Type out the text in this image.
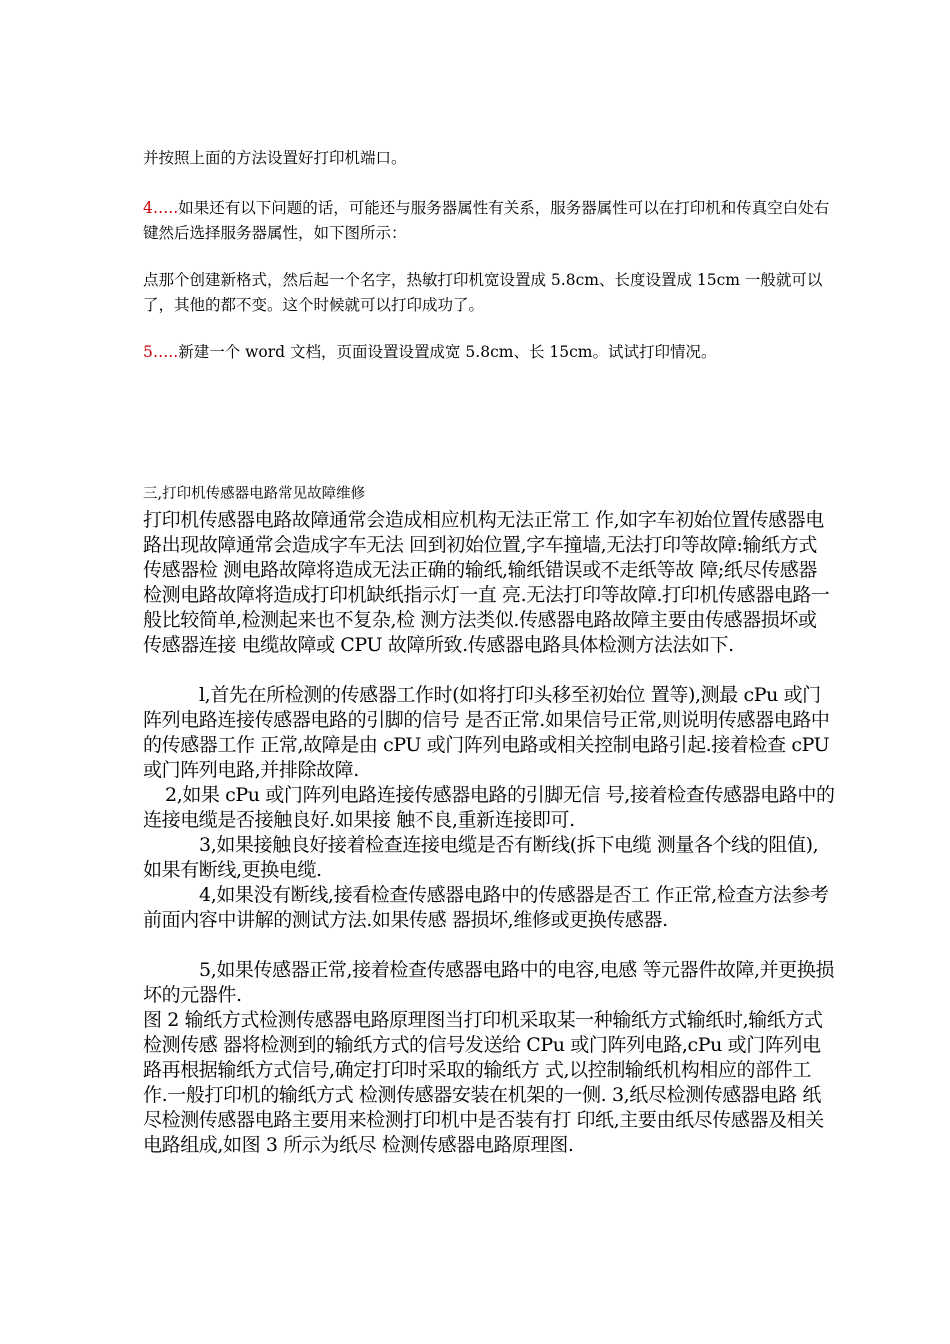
并按照上面的方法设置好打印机端口。

4…..如果还有以下问题的话，可能还与服务器属性有关系，服务器属性可以在打印机和传真空白处右键然后选择服务器属性，如下图所示：

点那个创建新格式，然后起一个名字，热敏打印机宽设置成 5.8cm、长度设置成 15cm 一般就可以了，其他的都不变。这个时候就可以打印成功了。

5…..新建一个 word 文档，页面设置设置成宽 5.8cm、长 15cm。试试打印情况。

三,打印机传感器电路常见故障维修

打印机传感器电路故障通常会造成相应机构无法正常工 作,如字车初始位置传感器电路出现故障通常会造成字车无法 回到初始位置,字车撞墙,无法打印等故障:输纸方式传感器检 测电路故障将造成无法正确的输纸,输纸错误或不走纸等故 障;纸尽传感器检测电路故障将造成打印机缺纸指示灯一直 亮.无法打印等故障.打印机传感器电路一般比较简单,检测起来也不复杂,检 测方法类似.传感器电路故障主要由传感器损坏或传感器连接 电缆故障或 CPU 故障所致.传感器电路具体检测方法法如下.

l,首先在所检测的传感器工作时(如将打印头移至初始位 置等),测最 cPu 或门阵列电路连接传感器电路的引脚的信号 是否正常.如果信号正常,则说明传感器电路中的传感器工作 正常,故障是由 cPU 或门阵列电路或相关控制电路引起.接着检查 cPU 或门阵列电路,并排除故障.

2,如果 cPu 或门阵列电路连接传感器电路的引脚无信 号,接着检查传感器电路中的连接电缆是否接触良好.如果接 触不良,重新连接即可.

3,如果接触良好接着检查连接电缆是否有断线(拆下电缆 测量各个线的阻值),如果有断线,更换电缆.

4,如果没有断线,接看检查传感器电路中的传感器是否工 作正常,检查方法参考前面内容中讲解的测试方法.如果传感 器损坏,维修或更换传感器.

5,如果传感器正常,接着检查传感器电路中的电容,电感 等元器件故障,并更换损坏的元器件.

图 2 输纸方式检测传感器电路原理图当打印机采取某一种输纸方式输纸时,输纸方式检测传感 器将检测到的输纸方式的信号发送给 CPu 或门阵列电路,cPu 或门阵列电路再根据输纸方式信号,确定打印时采取的输纸方 式,以控制输纸机构相应的部件工作.一般打印机的输纸方式 检测传感器安装在机架的一侧. 3,纸尽检测传感器电路 纸尽检测传感器电路主要用来检测打印机中是否装有打 印纸,主要由纸尽传感器及相关电路组成,如图 3 所示为纸尽 检测传感器电路原理图.
